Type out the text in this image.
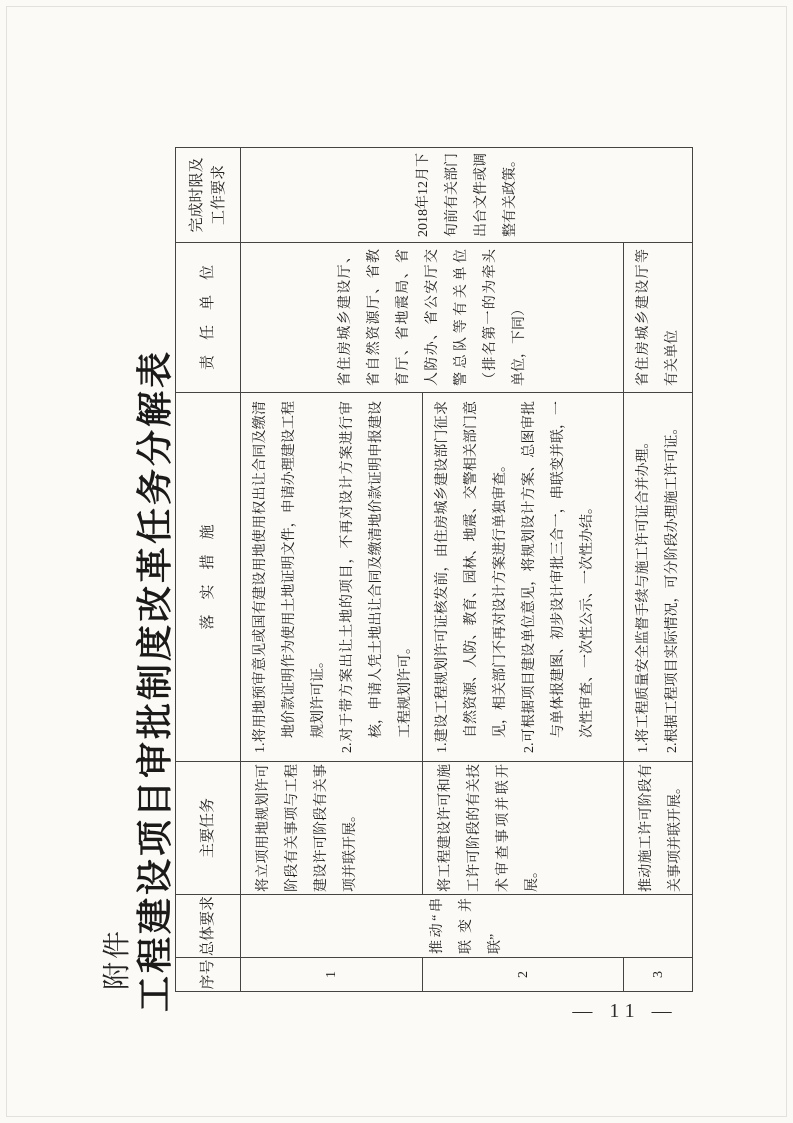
附件 工程建设项目审批制度改革任务分解表 序号	总体要求	主要任务	落实措施	责任单位	完成时限及 工作要求
1	推动“串联变并联”	将立项用地规划许可阶段有关事项与工程建设许可阶段有关事项并联开展。	1.将用地预审意见或国有建设用地使用权出让合同及缴清地价款证明作为使用土地证明文件，申请办理建设工程规划许可证。 2.对于带方案出让土地的项目，不再对设计方案进行审核，申请人凭土地出让合同及缴清地价款证明申报建设工程规划许可。	省住房城乡建设厅、省自然资源厅、省教育厅、省地震局、省人防办、省公安厅交警总队等有关单位（排名第一的为牵头单位，下同）	2018年12月下旬前有关部门出台文件或调整有关政策。
2		将工程建设许可和施工许可阶段的有关技术审查事项并联开展。	1.建设工程规划许可证核发前，由住房城乡建设部门征求自然资源、人防、教育、园林、地震、交警相关部门意见，相关部门不再对设计方案进行单独审查。 2.可根据项目建设单位意见，将规划设计方案、总图审批与单体报建图、初步设计审批三合一，串联变并联，一次性审查、一次性公示、一次性办结。		

3		推动施工许可阶段有关事项并联开展。	1.将工程质量安全监督手续与施工许可证合并办理。 2.根据工程项目实际情况，可分阶段办理施工许可证。	省住房城乡建设厅等有关单位	
— 11 —
